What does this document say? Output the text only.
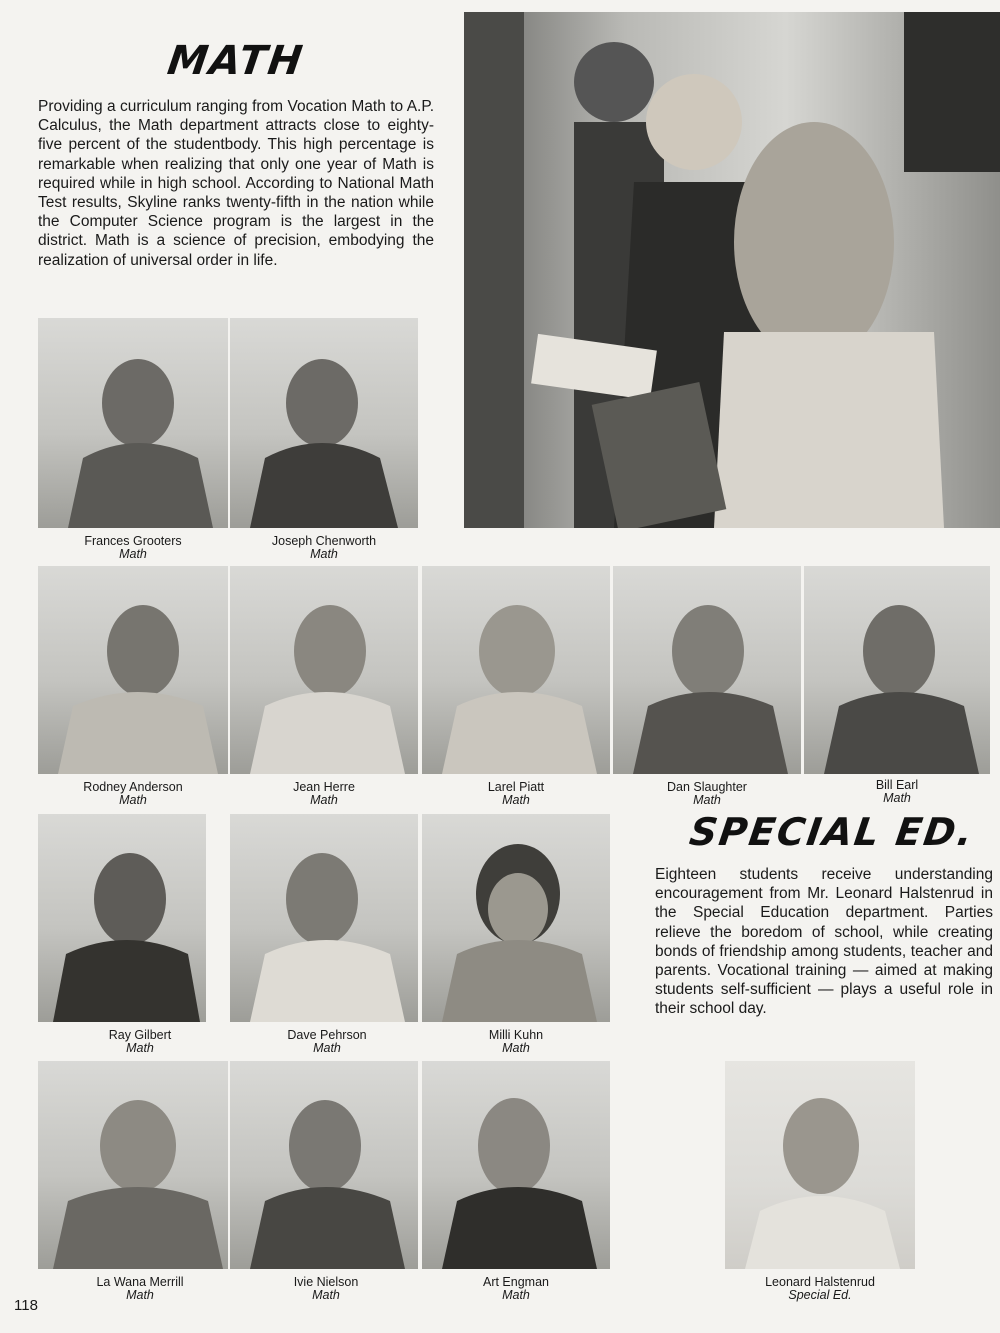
MATH

Providing a curriculum ranging from Vocation Math to A.P. Calculus, the Math department attracts close to eighty-five percent of the studentbody. This high percentage is remarkable when realizing that only one year of Math is required while in high school. According to National Math Test results, Skyline ranks twenty-fifth in the nation while the Computer Science program is the largest in the district. Math is a science of precision, embodying the realization of universal order in life.

SPECIAL ED.

Eighteen students receive understanding encouragement from Mr. Leonard Halstenrud in the Special Education department. Parties relieve the boredom of school, while creating bonds of friendship among students, teacher and parents. Vocational training — aimed at making students self-sufficient — plays a useful role in their school day.

Frances Grooters
Math
Joseph Chenworth
Math
Rodney Anderson
Math
Jean Herre
Math
Larel Piatt
Math
Dan Slaughter
Math
Bill Earl
Math
Ray Gilbert
Math
Dave Pehrson
Math
Milli Kuhn
Math
La Wana Merrill
Math
Ivie Nielson
Math
Art Engman
Math
Leonard Halstenrud
Special Ed.
118
